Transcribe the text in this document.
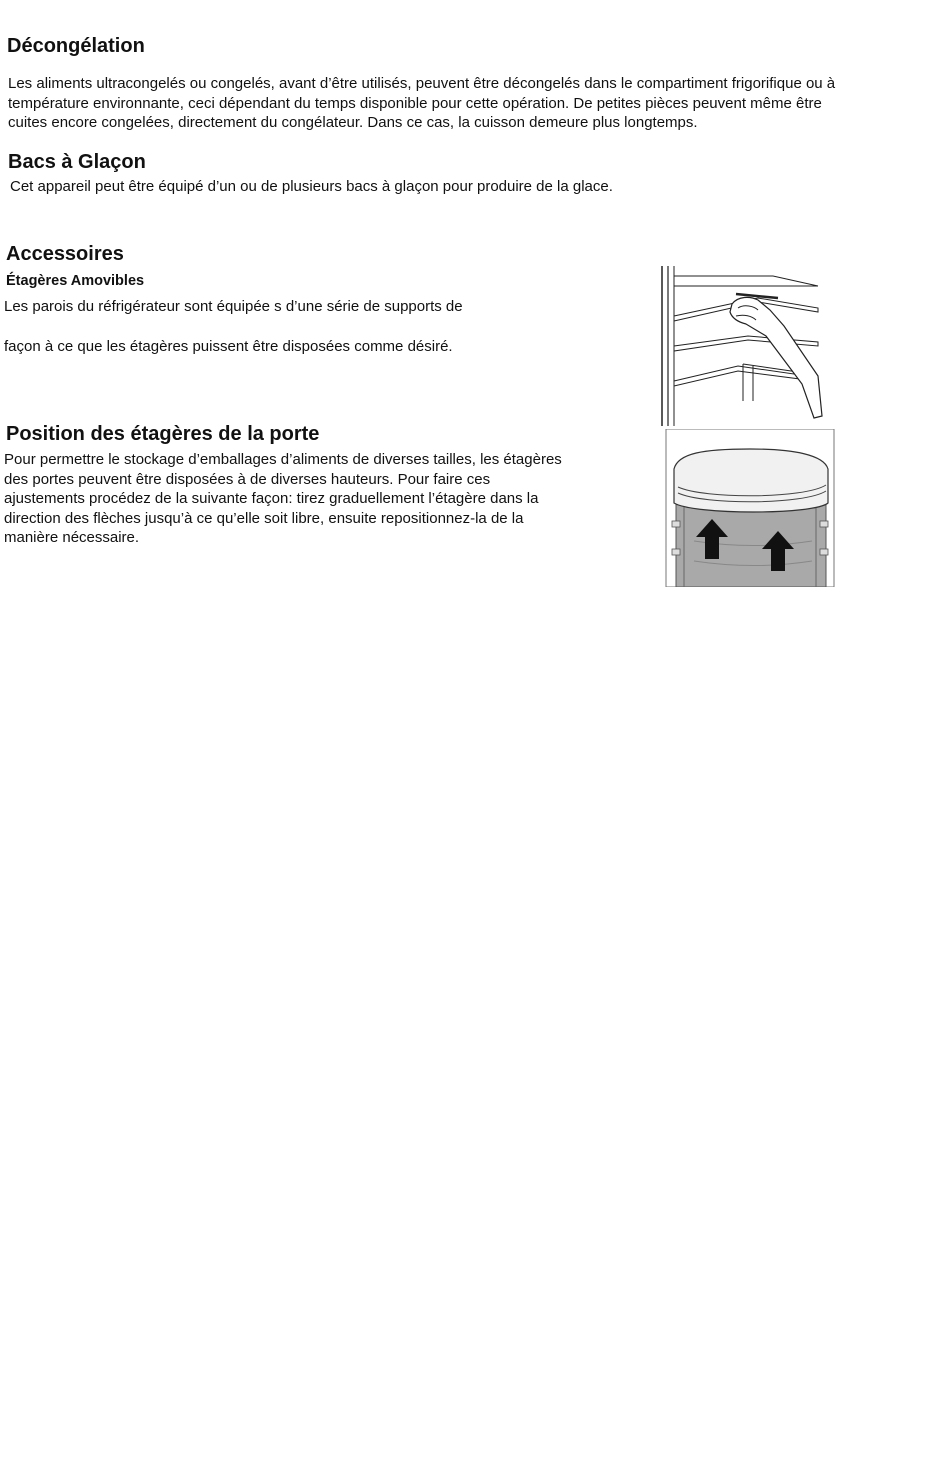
Décongélation

Les aliments ultracongelés ou congelés, avant d’être utilisés, peuvent être décongelés dans le compartiment frigorifique ou à

température environnante, ceci dépendant du temps disponible pour cette opération. De petites pièces peuvent même être

cuites encore congelées, directement du congélateur. Dans ce cas, la cuisson demeure plus longtemps.

Bacs à Glaçon

Cet appareil peut être équipé d’un ou de plusieurs bacs à glaçon pour produire de la glace.

Accessoires
Étagères Amovibles

Les parois du réfrigérateur sont équipée s d’une série de supports de

façon à ce que les étagères puissent être disposées comme désiré.

Position des étagères de la porte

Pour permettre le stockage d’emballages d’aliments de diverses tailles, les étagères

des portes peuvent être disposées à de diverses hauteurs. Pour faire ces

ajustements procédez de la suivante façon: tirez graduellement l’étagère dans la

direction des flèches jusqu’à ce qu’elle soit libre, ensuite repositionnez-la de la

manière nécessaire.
